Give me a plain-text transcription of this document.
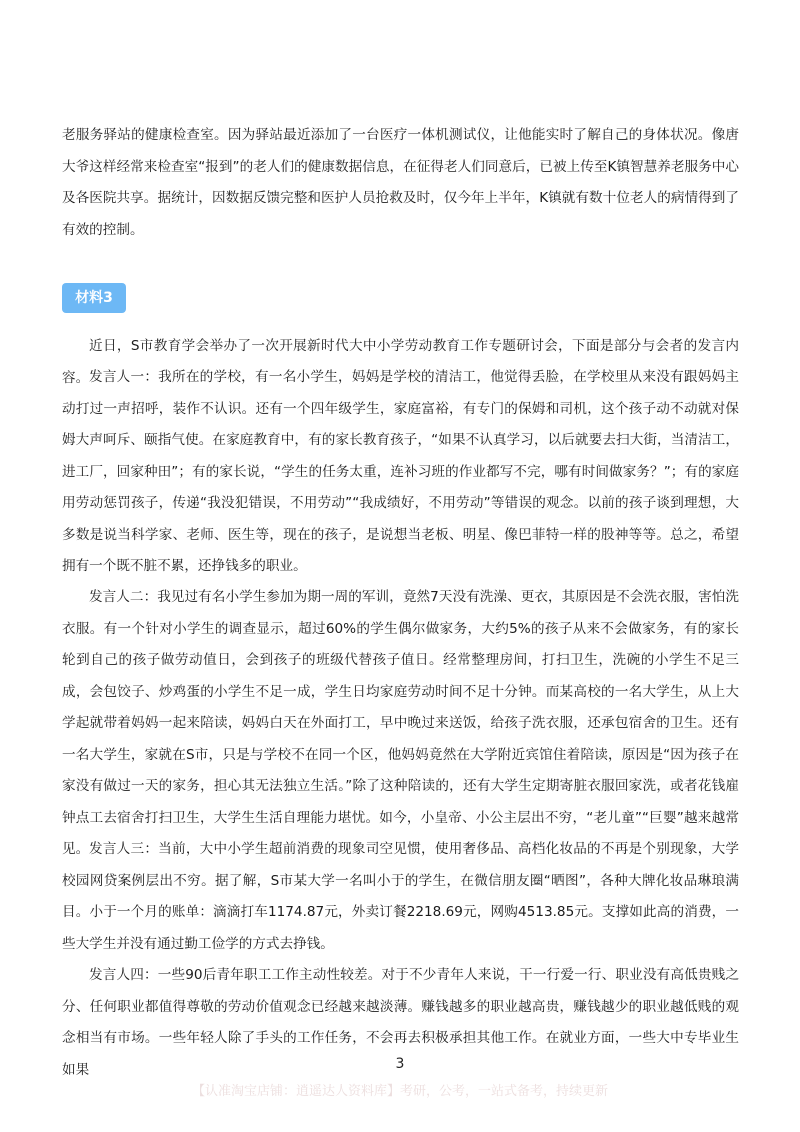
老服务驿站的健康检查室。因为驿站最近添加了一台医疗一体机测试仪，让他能实时了解自己的身体状况。像唐大爷这样经常来检查室“报到”的老人们的健康数据信息，在征得老人们同意后，已被上传至K镇智慧养老服务中心及各医院共享。据统计，因数据反馈完整和医护人员抢救及时，仅今年上半年，K镇就有数十位老人的病情得到了有效的控制。

材料3

近日，S市教育学会举办了一次开展新时代大中小学劳动教育工作专题研讨会，下面是部分与会者的发言内容。 发言人一：我所在的学校，有一名小学生，妈妈是学校的清洁工，他觉得丢脸，在学校里从来没有跟妈妈主动打过一声招呼，装作不认识。还有一个四年级学生，家庭富裕，有专门的保姆和司机，这个孩子动不动就对保姆大声呵斥、颐指气使。在家庭教育中，有的家长教育孩子，“如果不认真学习，以后就要去扫大街，当清洁工，进工厂，回家种田”；有的家长说，“学生的任务太重，连补习班的作业都写不完，哪有时间做家务？”；有的家庭用劳动惩罚孩子，传递“我没犯错误，不用劳动”“我成绩好，不用劳动”等错误的观念。以前的孩子谈到理想，大多数是说当科学家、老师、医生等，现在的孩子，是说想当老板、明星、像巴菲特一样的股神等等。总之，希望拥有一个既不脏不累，还挣钱多的职业。

发言人二：我见过有名小学生参加为期一周的军训，竟然7天没有洗澡、更衣，其原因是不会洗衣服，害怕洗衣服。有一个针对小学生的调查显示，超过60%的学生偶尔做家务，大约5%的孩子从来不会做家务，有的家长轮到自己的孩子做劳动值日，会到孩子的班级代替孩子值日。经常整理房间，打扫卫生，洗碗的小学生不足三成，会包饺子、炒鸡蛋的小学生不足一成，学生日均家庭劳动时间不足十分钟。而某高校的一名大学生，从上大学起就带着妈妈一起来陪读，妈妈白天在外面打工，早中晚过来送饭，给孩子洗衣服，还承包宿舍的卫生。还有一名大学生，家就在S市，只是与学校不在同一个区，他妈妈竟然在大学附近宾馆住着陪读，原因是“因为孩子在家没有做过一天的家务，担心其无法独立生活。”除了这种陪读的，还有大学生定期寄脏衣服回家洗，或者花钱雇钟点工去宿舍打扫卫生，大学生生活自理能力堪忧。如今，小皇帝、小公主层出不穷，“老儿童”“巨婴”越来越常见。 发言人三：当前，大中小学生超前消费的现象司空见惯，使用奢侈品、高档化妆品的不再是个别现象，大学校园网贷案例层出不穷。据了解，S市某大学一名叫小于的学生，在微信朋友圈“晒图”，各种大牌化妆品琳琅满目。小于一个月的账单：滴滴打车1174.87元，外卖订餐2218.69元，网购4513.85元。支撑如此高的消费，一些大学生并没有通过勤工俭学的方式去挣钱。

发言人四：一些90后青年职工工作主动性较差。对于不少青年人来说，干一行爱一行、职业没有高低贵贱之分、任何职业都值得尊敬的劳动价值观念已经越来越淡薄。赚钱越多的职业越高贵，赚钱越少的职业越低贱的观念相当有市场。一些年轻人除了手头的工作任务，不会再去积极承担其他工作。在就业方面，一些大中专毕业生如果	3
【认准淘宝店铺：逍遥达人资料库】考研，公考，一站式备考，持续更新
